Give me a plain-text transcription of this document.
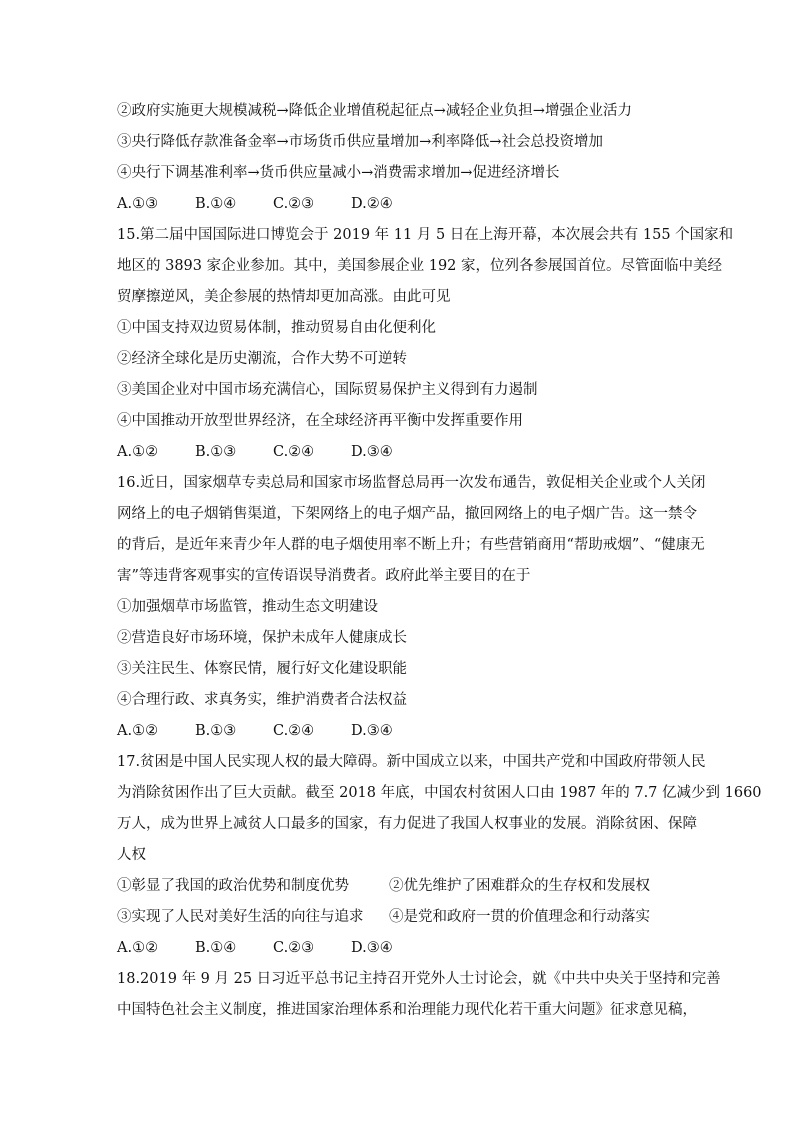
②政府实施更大规模减税→降低企业增值税起征点→减轻企业负担→增强企业活力
③央行降低存款准备金率→市场货币供应量增加→利率降低→社会总投资增加
④央行下调基准利率→货币供应量减小→消费需求增加→促进经济增长
A.①③	B.①④	C.②③	D.②④
15.第二届中国国际进口博览会于 2019 年 11 月 5 日在上海开幕，本次展会共有 155 个国家和
地区的 3893 家企业参加。其中，美国参展企业 192 家，位列各参展国首位。尽管面临中美经
贸摩擦逆风，美企参展的热情却更加高涨。由此可见
①中国支持双边贸易体制，推动贸易自由化便利化
②经济全球化是历史潮流，合作大势不可逆转
③美国企业对中国市场充满信心，国际贸易保护主义得到有力遏制
④中国推动开放型世界经济，在全球经济再平衡中发挥重要作用
A.①②	B.①③	C.②④	D.③④
16.近日，国家烟草专卖总局和国家市场监督总局再一次发布通告，敦促相关企业或个人关闭
网络上的电子烟销售渠道，下架网络上的电子烟产品，撤回网络上的电子烟广告。这一禁令
的背后，是近年来青少年人群的电子烟使用率不断上升；有些营销商用“帮助戒烟”、“健康无
害”等违背客观事实的宣传语误导消费者。政府此举主要目的在于
①加强烟草市场监管，推动生态文明建设
②营造良好市场环境，保护未成年人健康成长
③关注民生、体察民情，履行好文化建设职能
④合理行政、求真务实，维护消费者合法权益
A.①②	B.①③	C.②④	D.③④
17.贫困是中国人民实现人权的最大障碍。新中国成立以来，中国共产党和中国政府带领人民
为消除贫困作出了巨大贡献。截至 2018 年底，中国农村贫困人口由 1987 年的 7.7 亿减少到 1660
万人，成为世界上减贫人口最多的国家，有力促进了我国人权事业的发展。消除贫困、保障
人权
①彰显了我国的政治优势和制度优势	②优先维护了困难群众的生存权和发展权
③实现了人民对美好生活的向往与追求 ④是党和政府一贯的价值理念和行动落实
A.①②	B.①④	C.②③	D.③④
18.2019 年 9 月 25 日习近平总书记主持召开党外人士讨论会，就《中共中央关于坚持和完善
中国特色社会主义制度，推进国家治理体系和治理能力现代化若干重大问题》征求意见稿，
